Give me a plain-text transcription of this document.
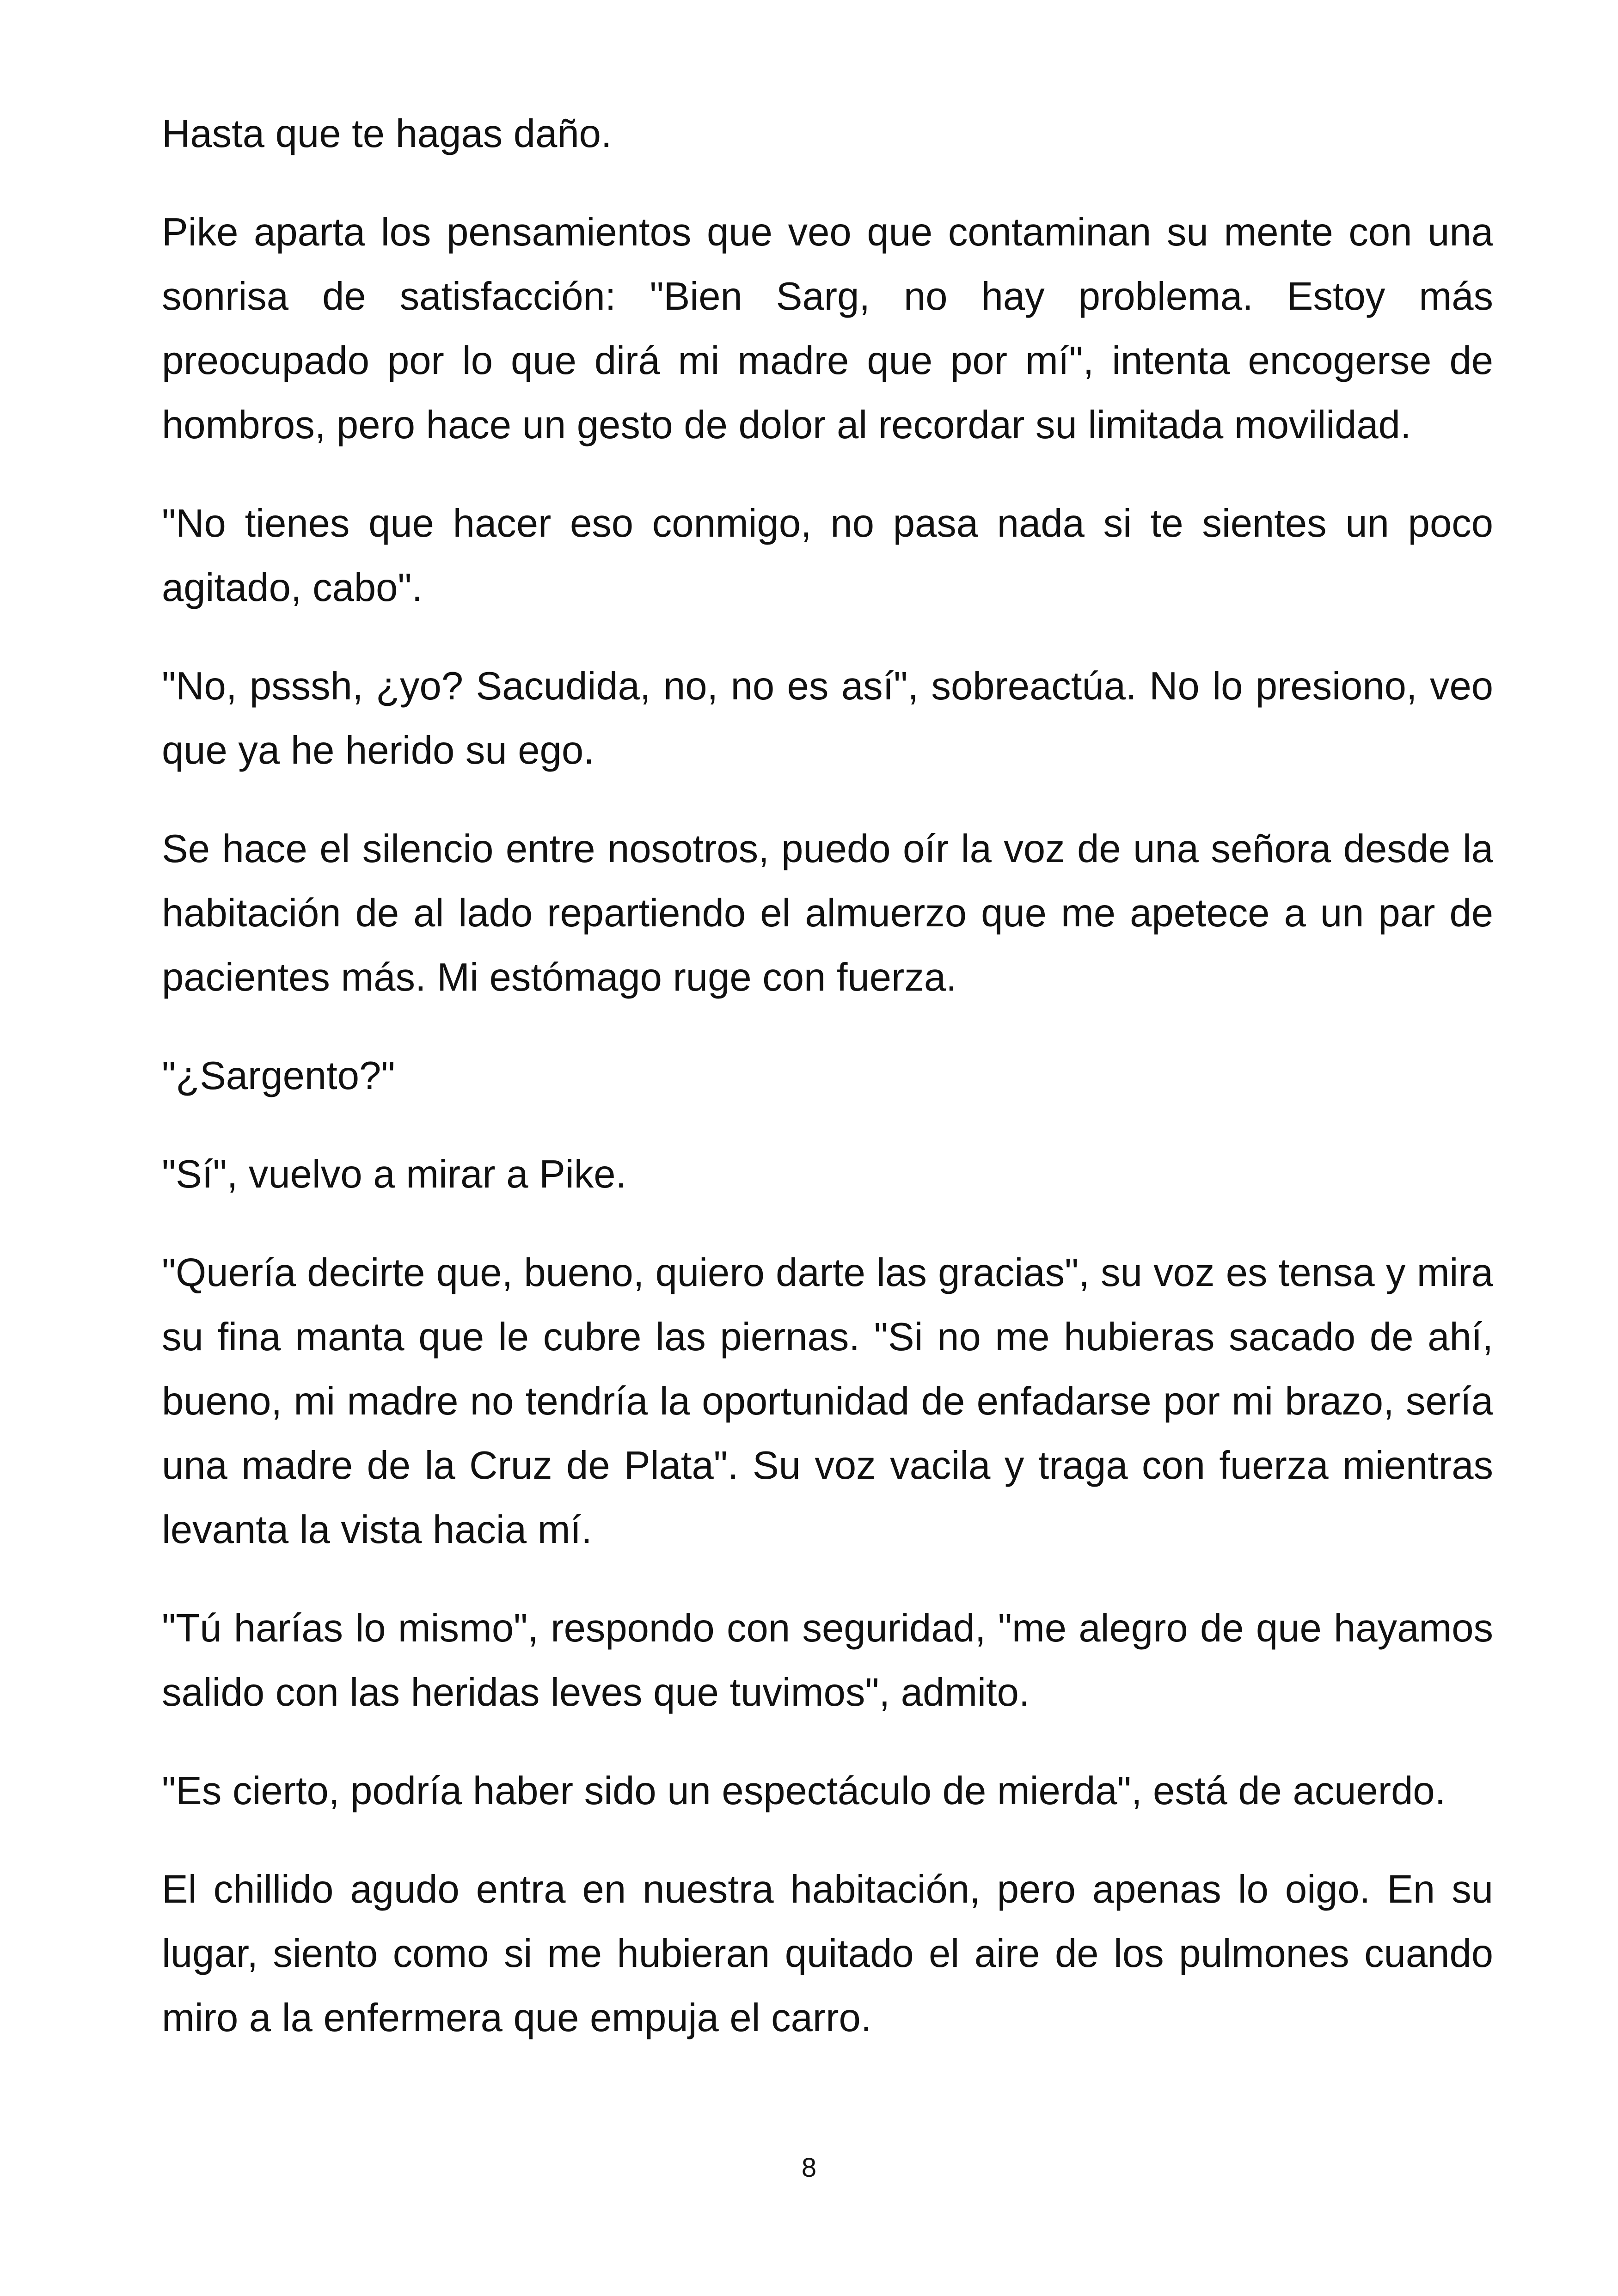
Hasta que te hagas daño.

Pike aparta los pensamientos que veo que contaminan su mente con una sonrisa de satisfacción: "Bien Sarg, no hay problema. Estoy más preocupado por lo que dirá mi madre que por mí", intenta encogerse de hombros, pero hace un gesto de dolor al recordar su limitada movilidad.

"No tienes que hacer eso conmigo, no pasa nada si te sientes un poco agitado, cabo".

"No, psssh, ¿yo? Sacudida, no, no es así", sobreactúa. No lo presiono, veo que ya he herido su ego.

Se hace el silencio entre nosotros, puedo oír la voz de una señora desde la habitación de al lado repartiendo el almuerzo que me apetece a un par de pacientes más. Mi estómago ruge con fuerza.

"¿Sargento?"

"Sí", vuelvo a mirar a Pike.

"Quería decirte que, bueno, quiero darte las gracias", su voz es tensa y mira su fina manta que le cubre las piernas. "Si no me hubieras sacado de ahí, bueno, mi madre no tendría la oportunidad de enfadarse por mi brazo, sería una madre de la Cruz de Plata". Su voz vacila y traga con fuerza mientras levanta la vista hacia mí.

"Tú harías lo mismo", respondo con seguridad, "me alegro de que hayamos salido con las heridas leves que tuvimos", admito.

"Es cierto, podría haber sido un espectáculo de mierda", está de acuerdo.

El chillido agudo entra en nuestra habitación, pero apenas lo oigo. En su lugar, siento como si me hubieran quitado el aire de los pulmones cuando miro a la enfermera que empuja el carro.

8
